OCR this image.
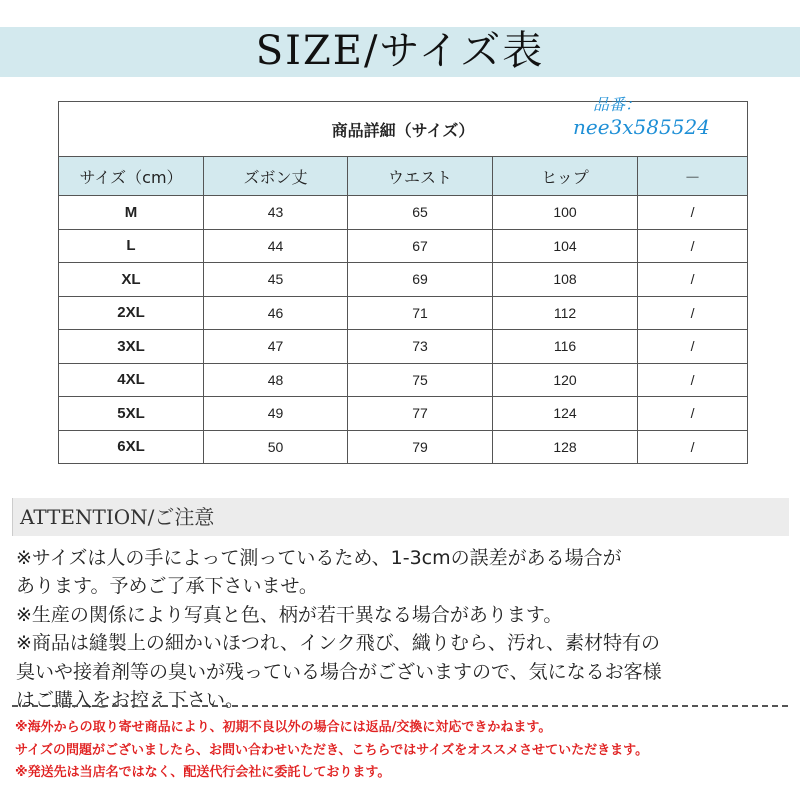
SIZE/サイズ表
商品詳細（サイズ）				
サイズ（cm）	ズボン丈	ウエスト	ヒップ	－
M	43	65	100	/
L	44	67	104	/
XL	45	69	108	/
2XL	46	71	112	/
3XL	47	73	116	/
4XL	48	75	120	/
5XL	49	77	124	/
6XL	50	79	128	/
品番：
nee3x585524
ATTENTION/ご注意

※サイズは人の手によって測っているため、1-3cmの誤差がある場合が

あります。予めご了承下さいませ。

※生産の関係により写真と色、柄が若干異なる場合があります。

※商品は縫製上の細かいほつれ、インク飛び、織りむら、汚れ、素材特有の

臭いや接着剤等の臭いが残っている場合がございますので、気になるお客様

はご購入をお控え下さい。

※海外からの取り寄せ商品により、初期不良以外の場合には返品/交換に対応できかねます。

サイズの問題がございましたら、お問い合わせいただき、こちらではサイズをオススメさせていただきます。

※発送先は当店名ではなく、配送代行会社に委託しております。
